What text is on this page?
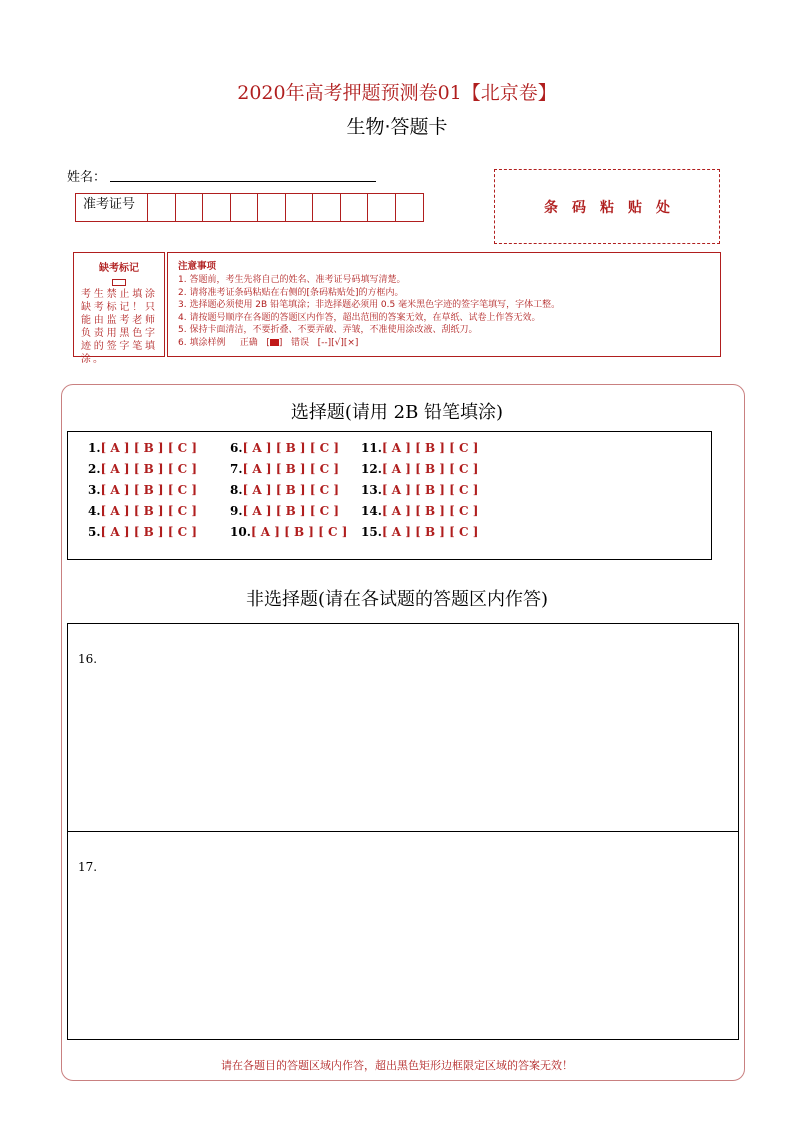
2020年高考押题预测卷01【北京卷】
生物·答题卡
姓名：
准考证号	条码粘贴处
缺考标记
考生禁止填涂缺考标记！只能由监考老师负责用黑色字迹的签字笔填涂。
注意事项
1. 答题前，考生先将自己的姓名、准考证号码填写清楚。
2. 请将准考证条码粘贴在右侧的[条码粘贴处]的方框内。
3. 选择题必须使用 2B 铅笔填涂；非选择题必须用 0.5 毫米黑色字迹的签字笔填写，字体工整。
4. 请按题号顺序在各题的答题区内作答，超出范围的答案无效，在草纸、试卷上作答无效。
5. 保持卡面清洁，不要折叠、不要弄破、弄皱，不准使用涂改液、刮纸刀。
6. 填涂样例 正确   [ ]   错误 [--][√][×]
选择题(请用 2B 铅笔填涂)
1.[ A ] [ B ] [ C ]
2.[ A ] [ B ] [ C ]
3.[ A ] [ B ] [ C ]
4.[ A ] [ B ] [ C ]
5.[ A ] [ B ] [ C ]
6.[ A ] [ B ] [ C ]
7.[ A ] [ B ] [ C ]
8.[ A ] [ B ] [ C ]
9.[ A ] [ B ] [ C ]
10.[ A ] [ B ] [ C ]
11.[ A ] [ B ] [ C ]
12.[ A ] [ B ] [ C ]
13.[ A ] [ B ] [ C ]
14.[ A ] [ B ] [ C ]
15.[ A ] [ B ] [ C ]
非选择题(请在各试题的答题区内作答)
16.
17.
请在各题目的答题区域内作答，超出黑色矩形边框限定区域的答案无效！
